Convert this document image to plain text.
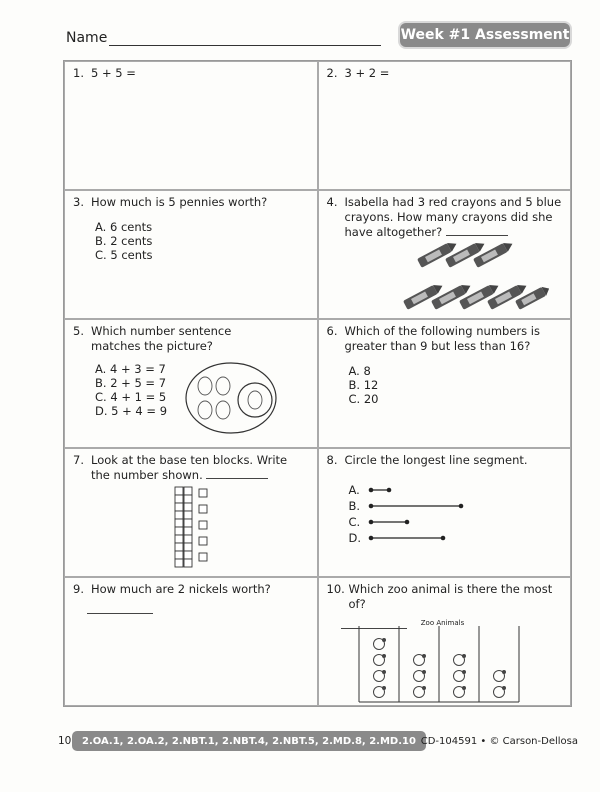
Name	Week #1 Assessment
1. 5 + 5 =	2. 3 + 2 =
3. How much is 5 pennies worth?
A. 6 cents
B. 2 cents
C. 5 cents
4. Isabella had 3 red crayons and 5 blue crayons. How many crayons did she have altogether?
5. Which number sentence matches the picture?
A. 4 + 3 = 7
B. 2 + 5 = 7
C. 4 + 1 = 5
D. 5 + 4 = 9
6. Which of the following numbers is greater than 9 but less than 16?
A. 8
B. 12
C. 20
7. Look at the base ten blocks. Write the number shown.
8. Circle the longest line segment.
A.
B.
C.
D.
9. How much are 2 nickels worth?	10. Which zoo animal is there the most of?
Zoo Animals
10	2.OA.1, 2.OA.2, 2.NBT.1, 2.NBT.4, 2.NBT.5, 2.MD.8, 2.MD.10 CD-104591 • © Carson-Dellosa
